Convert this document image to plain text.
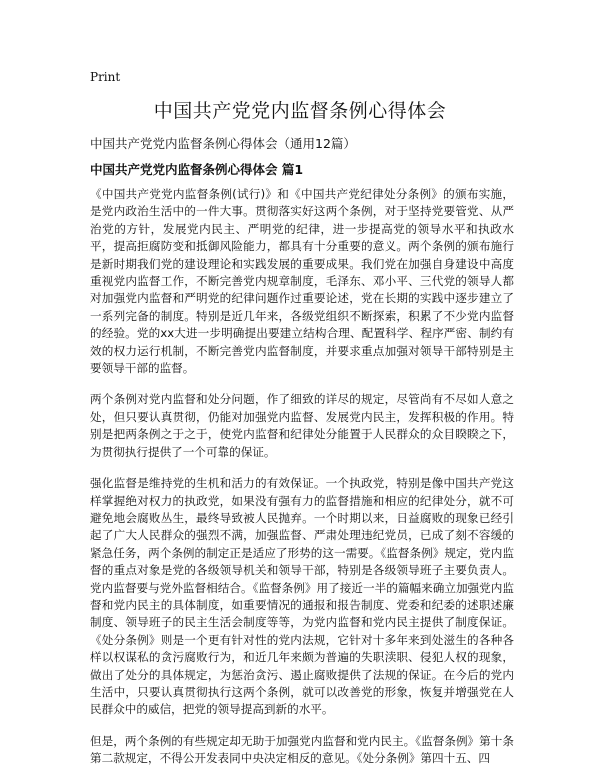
Print
中国共产党党内监督条例心得体会
中国共产党党内监督条例心得体会（通用12篇）
中国共产党党内监督条例心得体会 篇1

《中国共产党党内监督条例(试行)》和《中国共产党纪律处分条例》的颁布实施，是党内政治生活中的一件大事。贯彻落实好这两个条例，对于坚持党要管党、从严治党的方针，发展党内民主、严明党的纪律，进一步提高党的领导水平和执政水平，提高拒腐防变和抵御风险能力，都具有十分重要的意义。两个条例的颁布施行是新时期我们党的建设理论和实践发展的重要成果。我们党在加强自身建设中高度重视党内监督工作，不断完善党内规章制度，毛泽东、邓小平、三代党的领导人都对加强党内监督和严明党的纪律问题作过重要论述，党在长期的实践中逐步建立了一系列完备的制度。特别是近几年来，各级党组织不断探索，积累了不少党内监督的经验。党的xx大进一步明确提出要建立结构合理、配置科学、程序严密、制约有效的权力运行机制，不断完善党内监督制度，并要求重点加强对领导干部特别是主要领导干部的监督。

两个条例对党内监督和处分问题，作了细致的详尽的规定，尽管尚有不尽如人意之处，但只要认真贯彻，仍能对加强党内监督、发展党内民主，发挥积极的作用。特别是把两条例之于之于，使党内监督和纪律处分能置于人民群众的众目睽睽之下，为贯彻执行提供了一个可靠的保证。

强化监督是维持党的生机和活力的有效保证。一个执政党，特别是像中国共产党这样掌握绝对权力的执政党，如果没有强有力的监督措施和相应的纪律处分，就不可避免地会腐败丛生，最终导致被人民抛弃。一个时期以来，日益腐败的现象已经引起了广大人民群众的强烈不满，加强监督、严肃处理违纪党员，已成了刻不容缓的紧急任务，两个条例的制定正是适应了形势的这一需要。《监督条例》规定，党内监督的重点对象是党的各级领导机关和领导干部，特别是各级领导班子主要负责人。党内监督要与党外监督相结合。《监督条例》用了接近一半的篇幅来确立加强党内监督和党内民主的具体制度，如重要情况的通报和报告制度、党委和纪委的述职述廉制度、领导班子的民主生活会制度等等，为党内监督和党内民主提供了制度保证。《处分条例》则是一个更有针对性的党内法规，它针对十多年来到处滋生的各种各样以权谋私的贪污腐败行为，和近几年来颇为普遍的失职渎职、侵犯人权的现象，做出了处分的具体规定，为惩治贪污、遏止腐败提供了法规的保证。在今后的党内生活中，只要认真贯彻执行这两个条例，就可以改善党的形象，恢复并增强党在人民群众中的威信，把党的领导提高到新的水平。

但是，两个条例的有些规定却无助于加强党内监督和党内民主。《监督条例》第十条第二款规定，不得公开发表同中央决定相反的意见。《处分条例》第四十五、四
